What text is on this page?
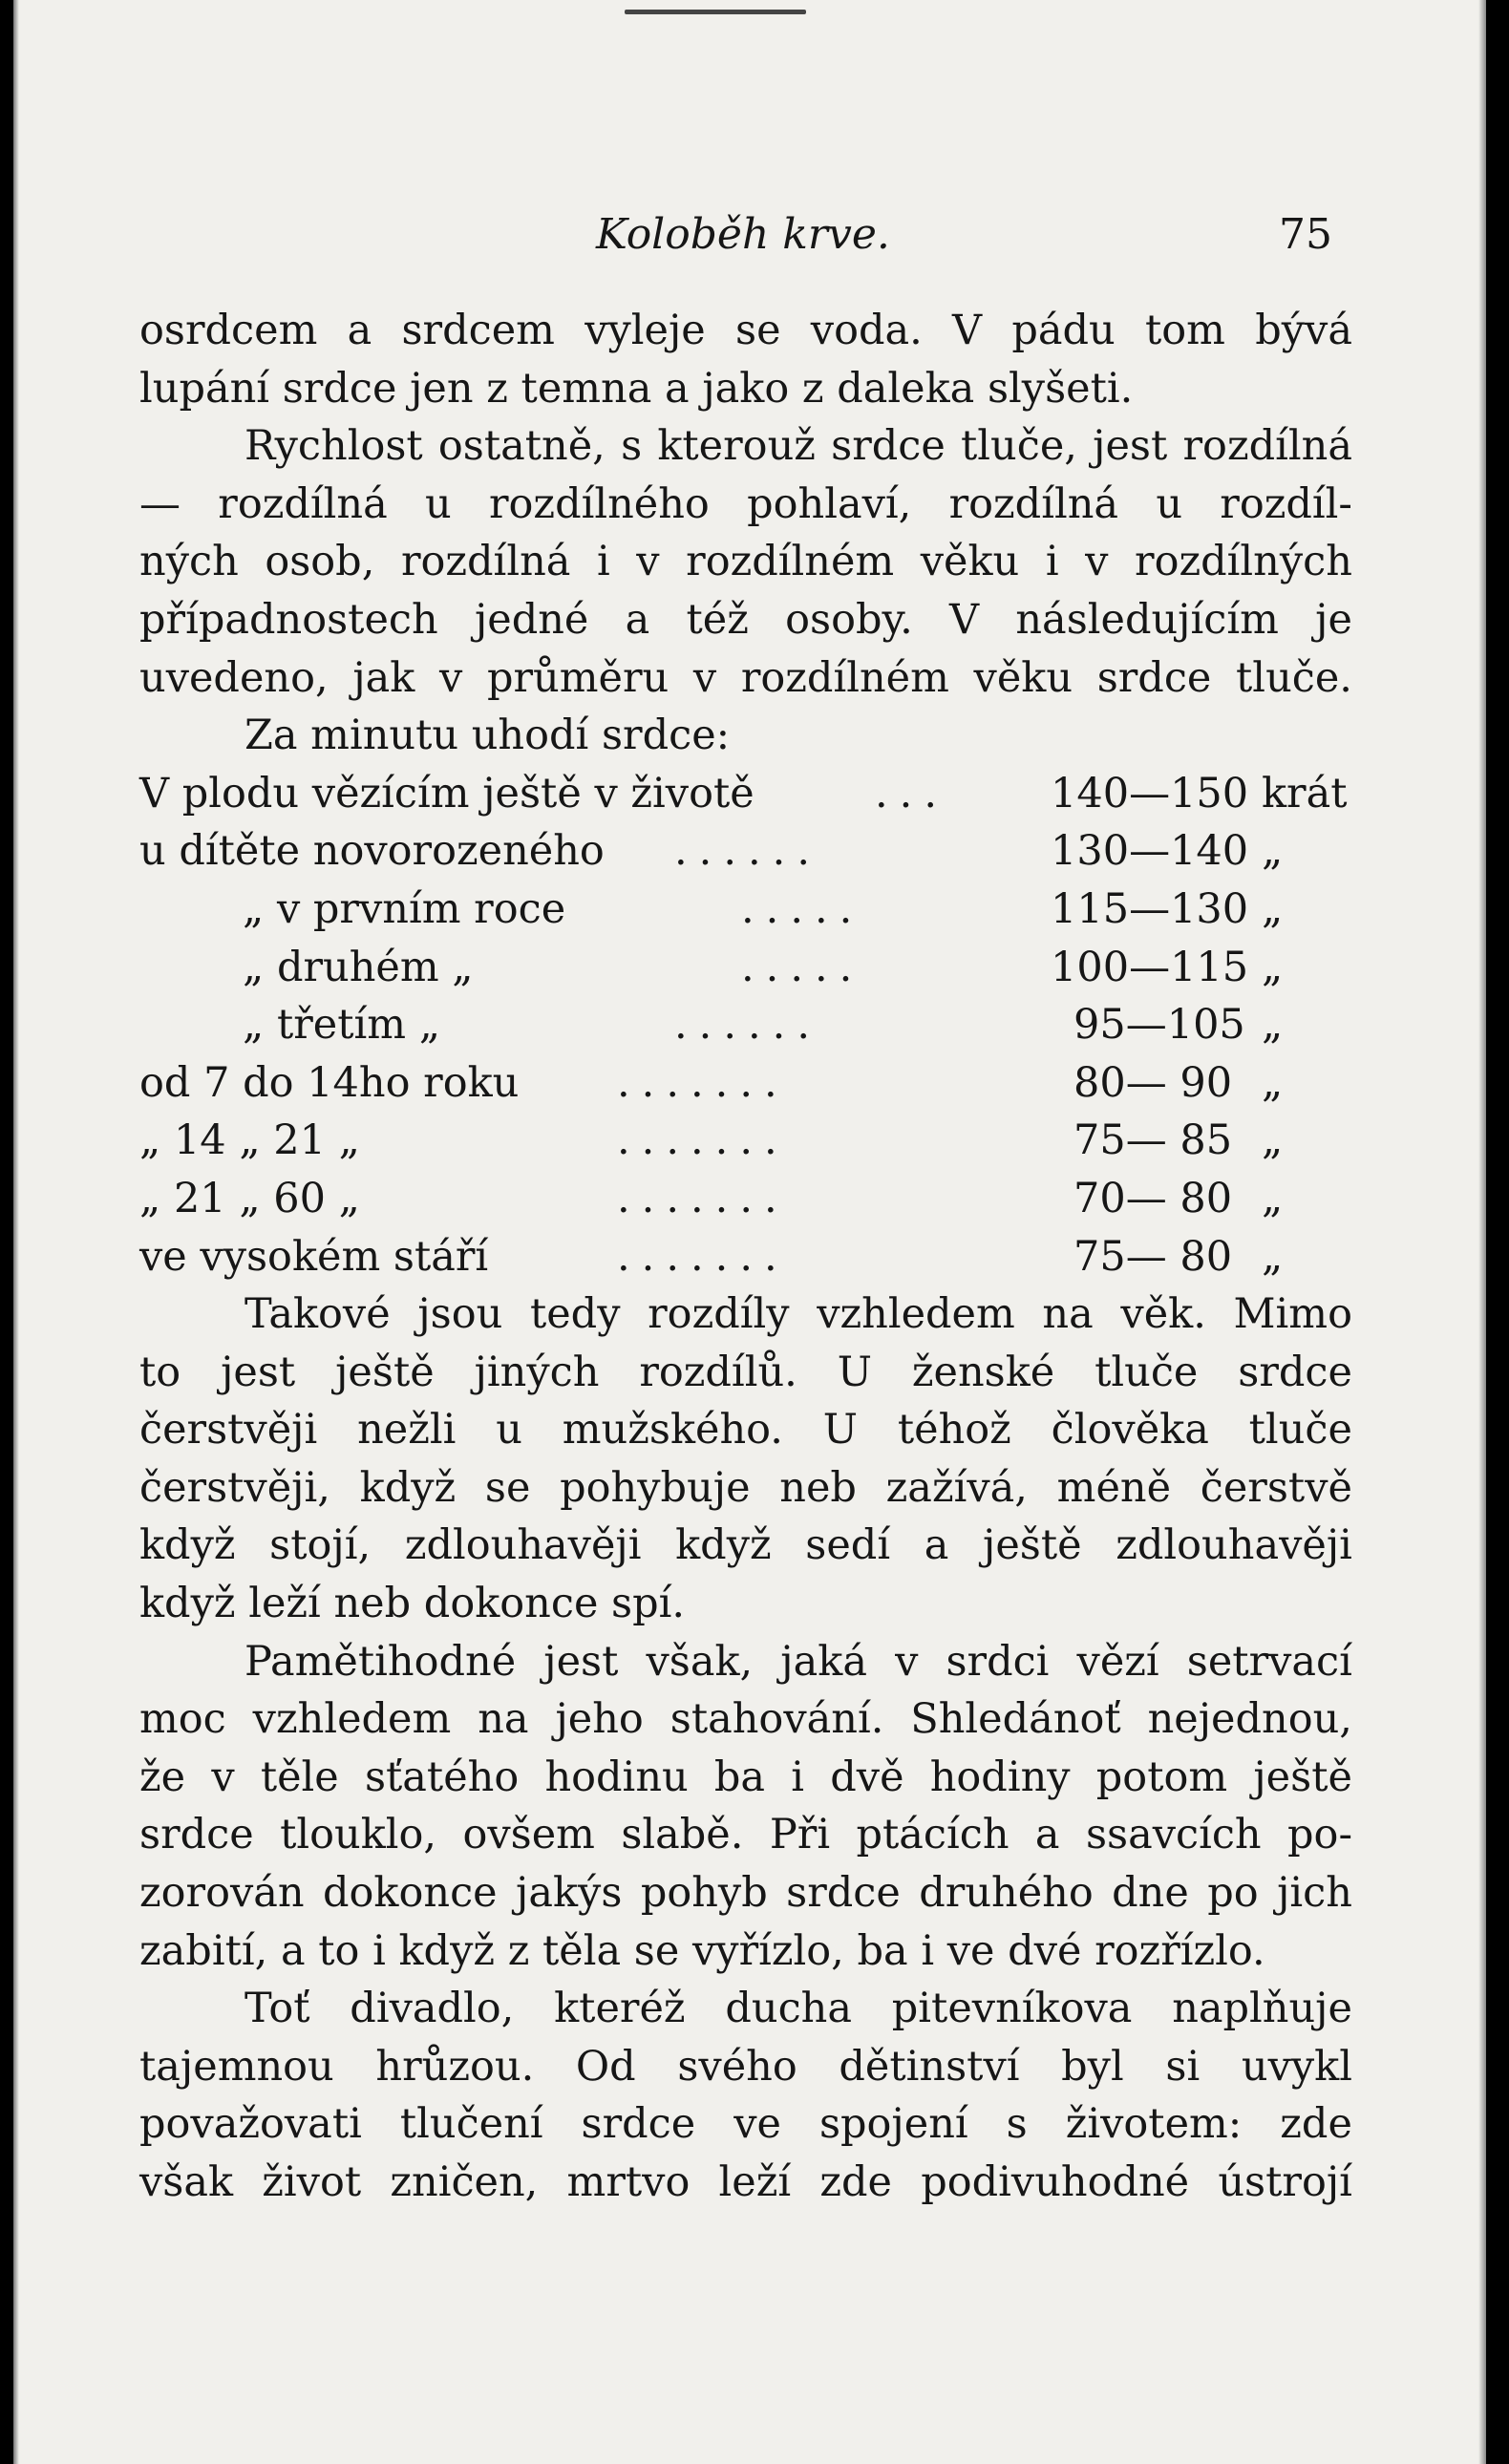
Koloběh krve.	75
osrdcem a srdcem vyleje se voda. V pádu tom bývá
lupání srdce jen z temna a jako z daleka slyšeti.
Rychlost ostatně, s kterouž srdce tluče, jest rozdílná
— rozdílná u rozdílného pohlaví, rozdílná u rozdíl-
ných osob, rozdílná i v rozdílném věku i v rozdílných
případnostech jedné a též osoby. V následujícím je
uvedeno, jak v průměru v rozdílném věku srdce tluče.
Za minutu uhodí srdce:
V plodu vězícím ještě v životě	... 140—150 krát
u dítěte novorozeného ......	130—140 „
„ v prvním roce	.....	115—130 „
„ druhém „	.....	100—115 „
„ třetím „	......	95—105 „
od 7 do 14ho roku .......	80— 90 „
„ 14 „ 21 „	.......	75— 85 „
„ 21 „ 60 „	.......	70— 80 „
ve vysokém stáří	.......	75— 80 „
Takové jsou tedy rozdíly vzhledem na věk. Mimo
to jest ještě jiných rozdílů. U ženské tluče srdce
čerstvěji nežli u mužského. U téhož člověka tluče
čerstvěji, když se pohybuje neb zažívá, méně čerstvě
když stojí, zdlouhavěji když sedí a ještě zdlouhavěji
když leží neb dokonce spí.
Pamětihodné jest však, jaká v srdci vězí setrvací
moc vzhledem na jeho stahování. Shledánoť nejednou,
že v těle sťatého hodinu ba i dvě hodiny potom ještě
srdce tlouklo, ovšem slabě. Při ptácích a ssavcích po-
zorován dokonce jakýs pohyb srdce druhého dne po jich
zabití, a to i když z těla se vyřízlo, ba i ve dvé rozřízlo.
Toť divadlo, kteréž ducha pitevníkova naplňuje
tajemnou hrůzou. Od svého dětinství byl si uvykl
považovati tlučení srdce ve spojení s životem: zde
však život zničen, mrtvo leží zde podivuhodné ústrojí
